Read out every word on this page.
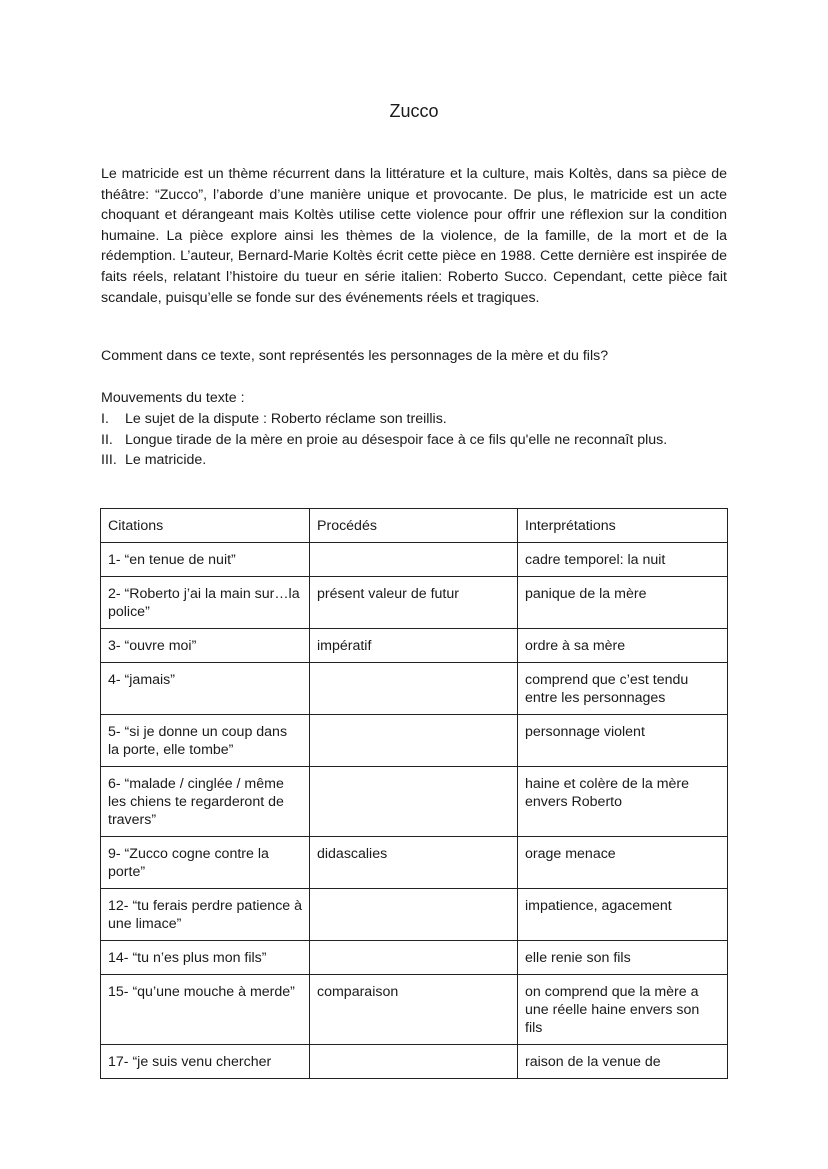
Zucco

Le matricide est un thème récurrent dans la littérature et la culture, mais Koltès, dans sa pièce de théâtre: “Zucco”, l’aborde d’une manière unique et provocante. De plus, le matricide est un acte choquant et dérangeant mais Koltès utilise cette violence pour offrir une réflexion sur la condition humaine. La pièce explore ainsi les thèmes de la violence, de la famille, de la mort et de la rédemption. L’auteur, Bernard-Marie Koltès écrit cette pièce en 1988. Cette dernière est inspirée de faits réels, relatant l’histoire du tueur en série italien: Roberto Succo. Cependant, cette pièce fait scandale, puisqu’elle se fonde sur des événements réels et tragiques.

Comment dans ce texte, sont représentés les personnages de la mère et du fils?

Mouvements du texte :

I. Le sujet de la dispute : Roberto réclame son treillis.
II. Longue tirade de la mère en proie au désespoir face à ce fils qu'elle ne reconnaît plus.
III. Le matricide.
Citations	Procédés	Interprétations
1- “en tenue de nuit”		cadre temporel: la nuit
2- “Roberto j’ai la main sur…la police”	présent valeur de futur	panique de la mère
3- “ouvre moi”	impératif	ordre à sa mère
4- “jamais”		comprend que c’est tendu entre les personnages
5- “si je donne un coup dans la porte, elle tombe”		personnage violent
6- “malade / cinglée / même les chiens te regarderont de travers”		haine et colère de la mère envers Roberto
9- “Zucco cogne contre la porte”	didascalies	orage menace
12- “tu ferais perdre patience à une limace”		impatience, agacement
14- “tu n’es plus mon fils”		elle renie son fils
15- “qu’une mouche à merde”	comparaison	on comprend que la mère a une réelle haine envers son fils
17- “je suis venu chercher		raison de la venue de
